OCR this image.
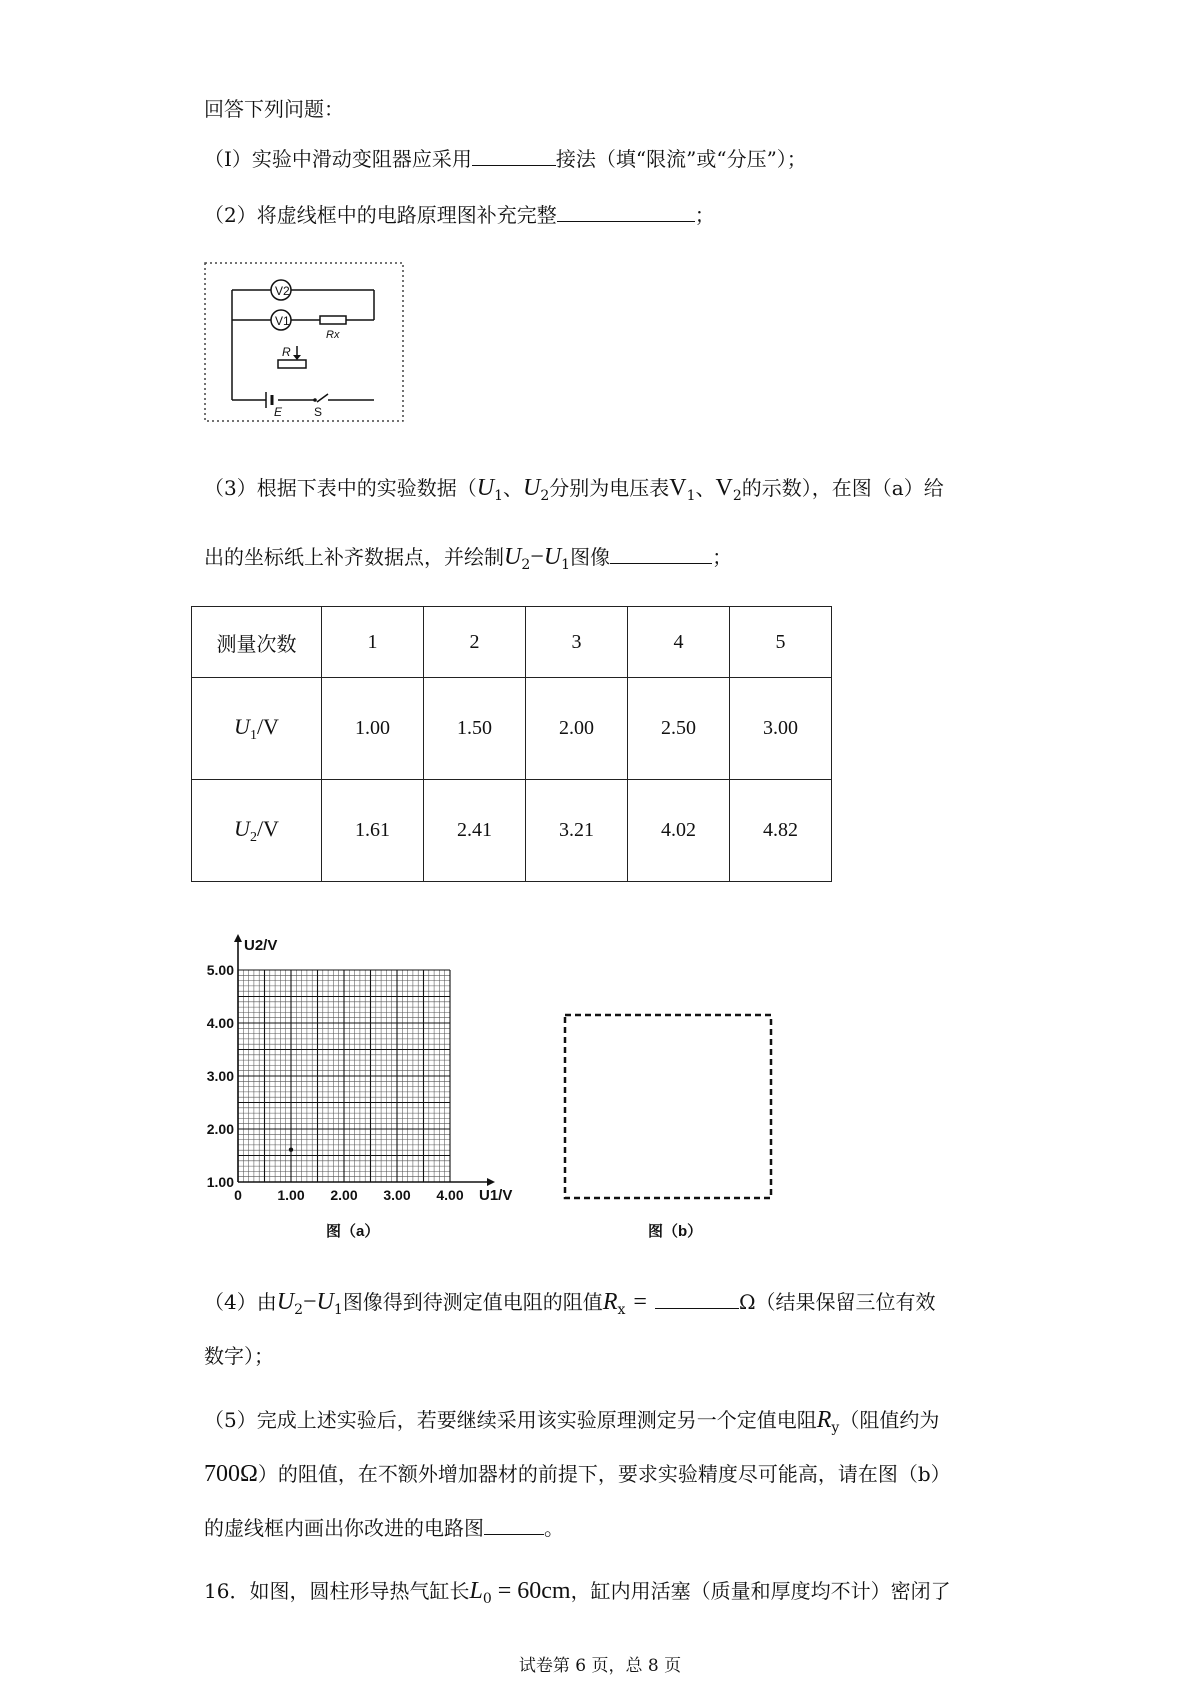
回答下列问题：
（I）实验中滑动变阻器应采用	接法（填“限流”或“分压”）；
（2）将虚线框中的电路原理图补充完整	；
V2
V1
Rx
R
E	S
（3）根据下表中的实验数据（$U_1$、$U_2$分别为电压表$V_1$、$V_2$的示数），在图（a）给
出的坐标纸上补齐数据点，并绘制$U_2-U_1$图像	；
测量次数	1	2	3	4	5
$U_1/V$	1.00	1.50	2.00	2.50	3.00
$U_2/V$	1.61	2.41	3.21	4.02	4.82
0	1.00 2.00 3.00 4.00
1.00
2.00
3.00
4.00
5.00
U2/V
U1/V
图（a）	图（b）
（4）由$U_2-U_1$图像得到待测定值电阻的阻值$R_x$ =	Ω（结果保留三位有效
数字）；
（5）完成上述实验后，若要继续采用该实验原理测定另一个定值电阻$R_y$（阻值约为
700Ω）的阻值，在不额外增加器材的前提下，要求实验精度尽可能高，请在图（b）
的虚线框内画出你改进的电路图	。
16．如图，圆柱形导热气缸长$L_0 = 60cm$，缸内用活塞（质量和厚度均不计）密闭了
试卷第 6 页，总 8 页
